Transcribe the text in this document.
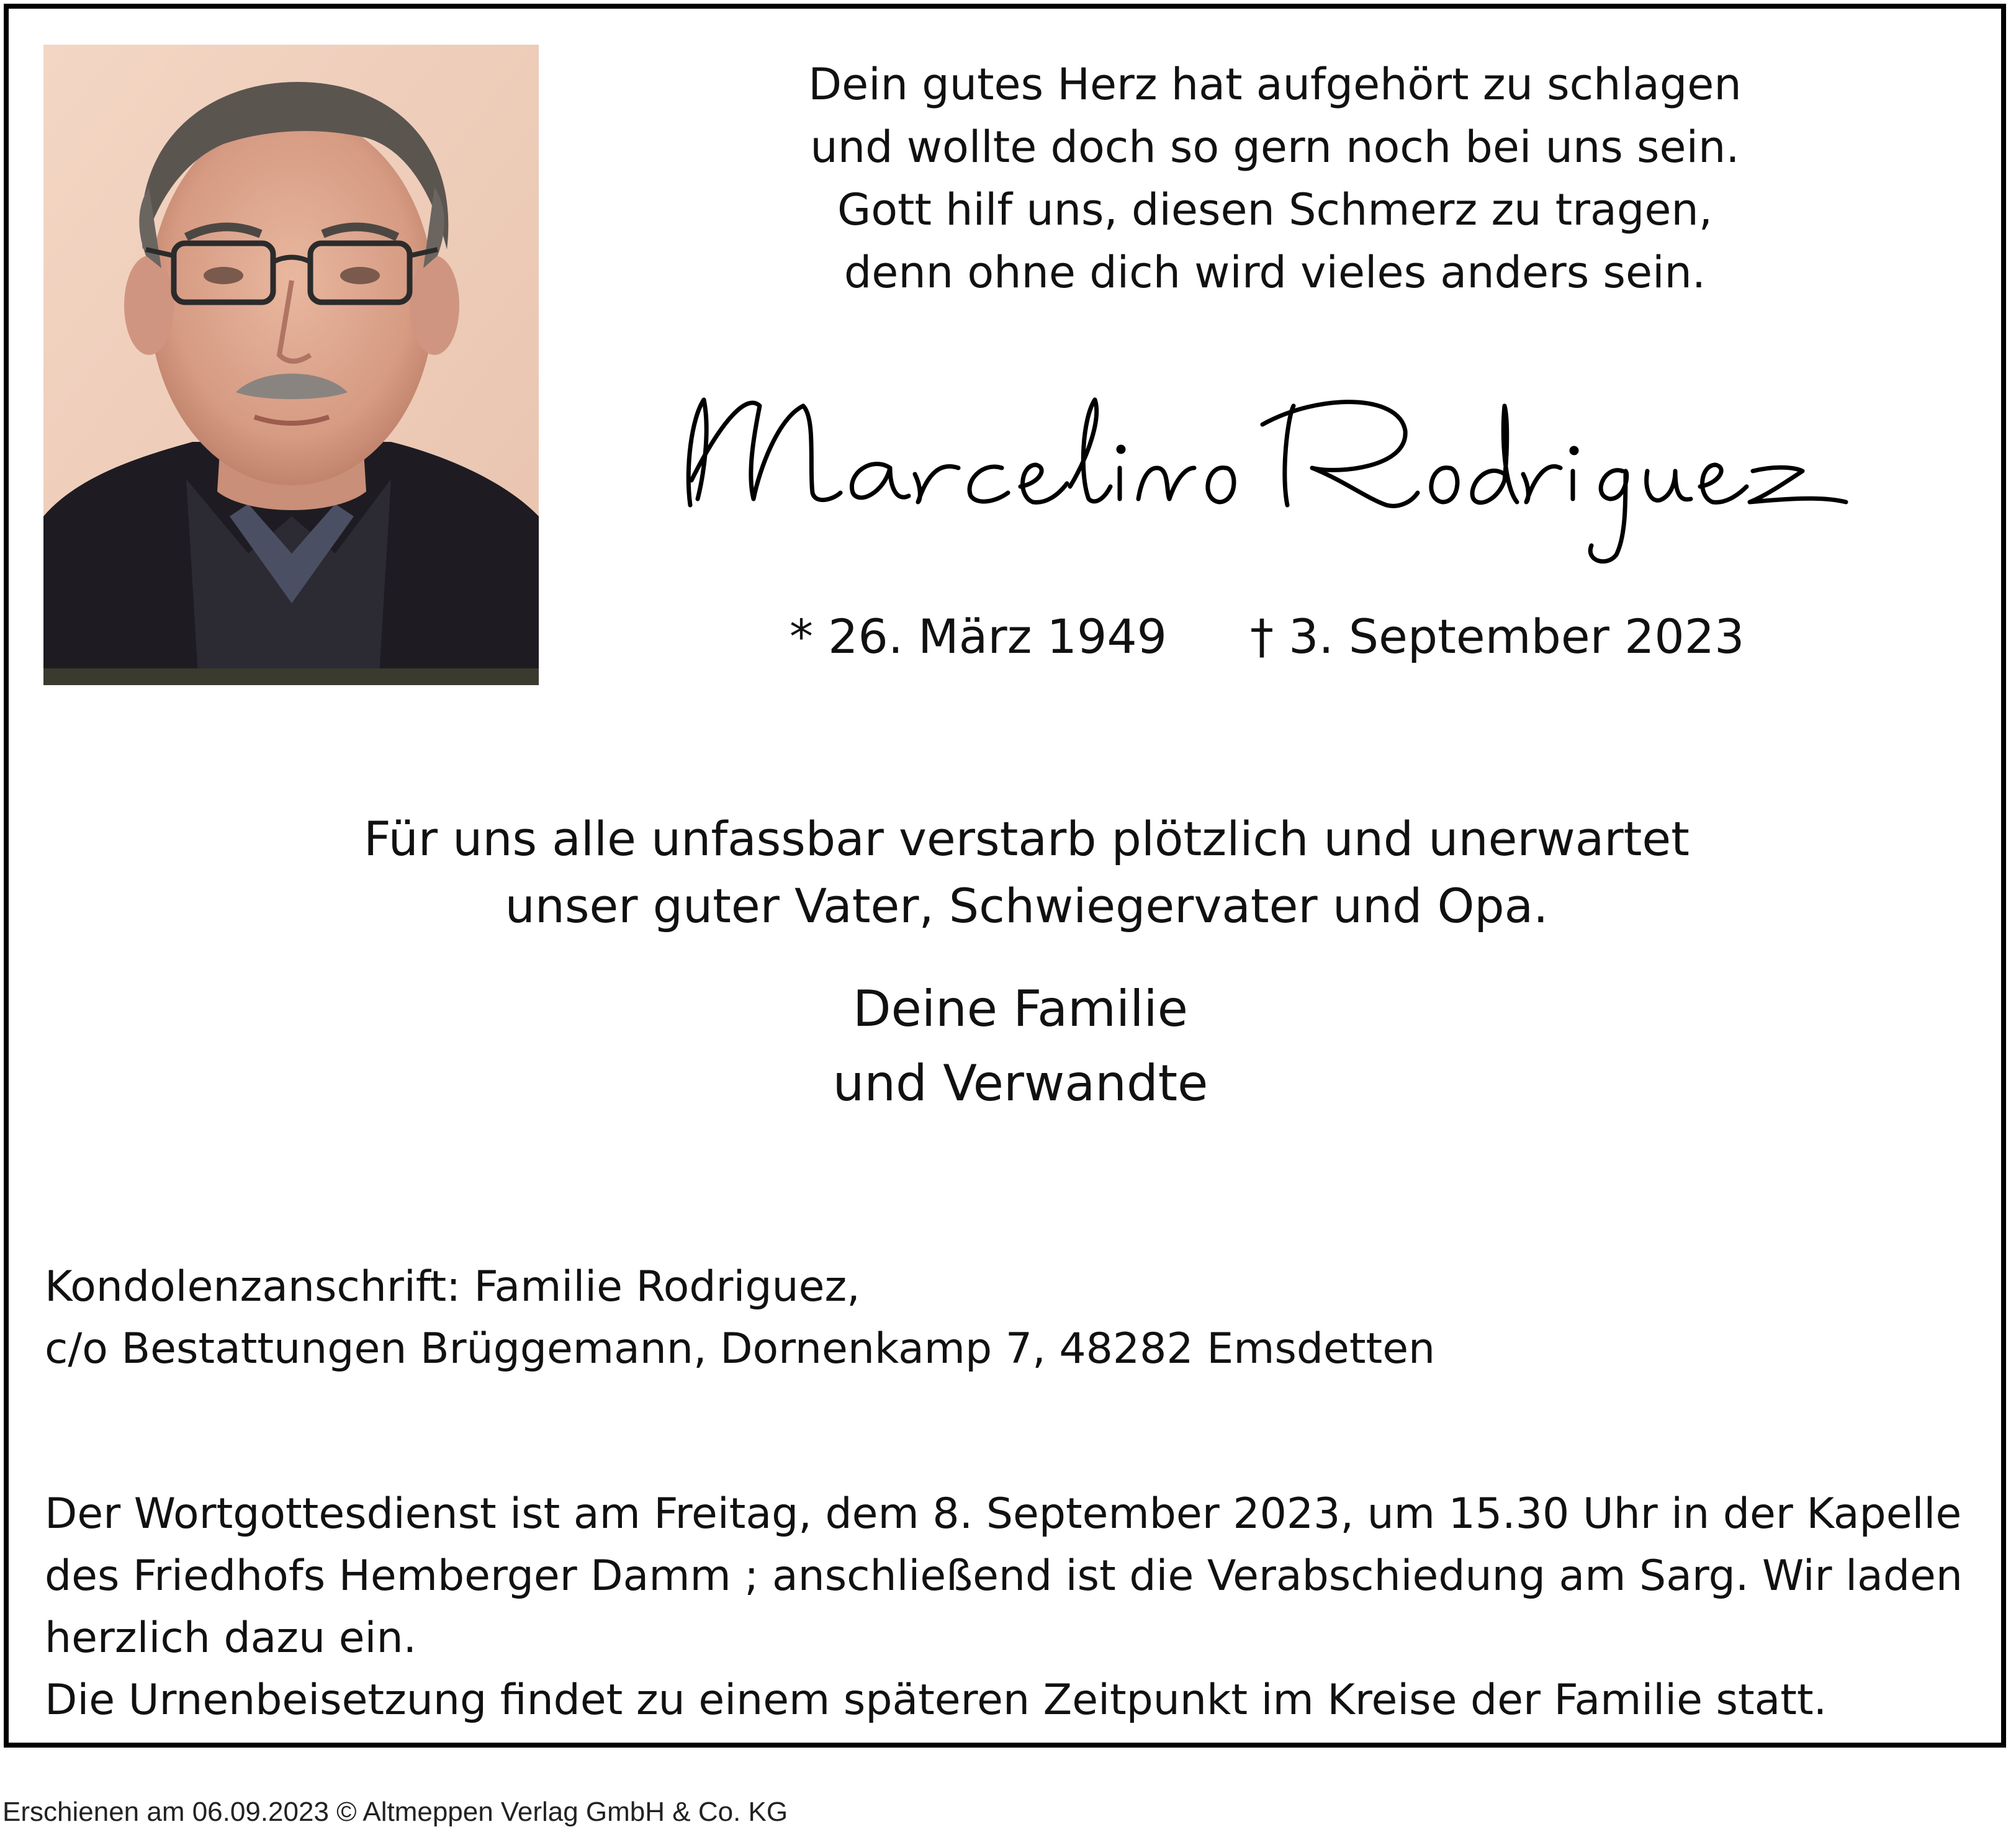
Dein gutes Herz hat aufgehört zu schlagen
und wollte doch so gern noch bei uns sein.
Gott hilf uns, diesen Schmerz zu tragen,
denn ohne dich wird vieles anders sein.
* 26. März 1949 † 3. September 2023
Für uns alle unfassbar verstarb plötzlich und unerwartet
unser guter Vater, Schwiegervater und Opa.
Deine Familie
und Verwandte
Kondolenzanschrift: Familie Rodriguez,
c/o Bestattungen Brüggemann, Dornenkamp 7, 48282 Emsdetten
Der Wortgottesdienst ist am Freitag, dem 8. September 2023, um 15.30 Uhr in der Kapelle
des Friedhofs Hemberger Damm ; anschließend ist die Verabschiedung am Sarg. Wir laden
herzlich dazu ein.
Die Urnenbeisetzung findet zu einem späteren Zeitpunkt im Kreise der Familie statt.
Erschienen am 06.09.2023 © Altmeppen Verlag GmbH & Co. KG
